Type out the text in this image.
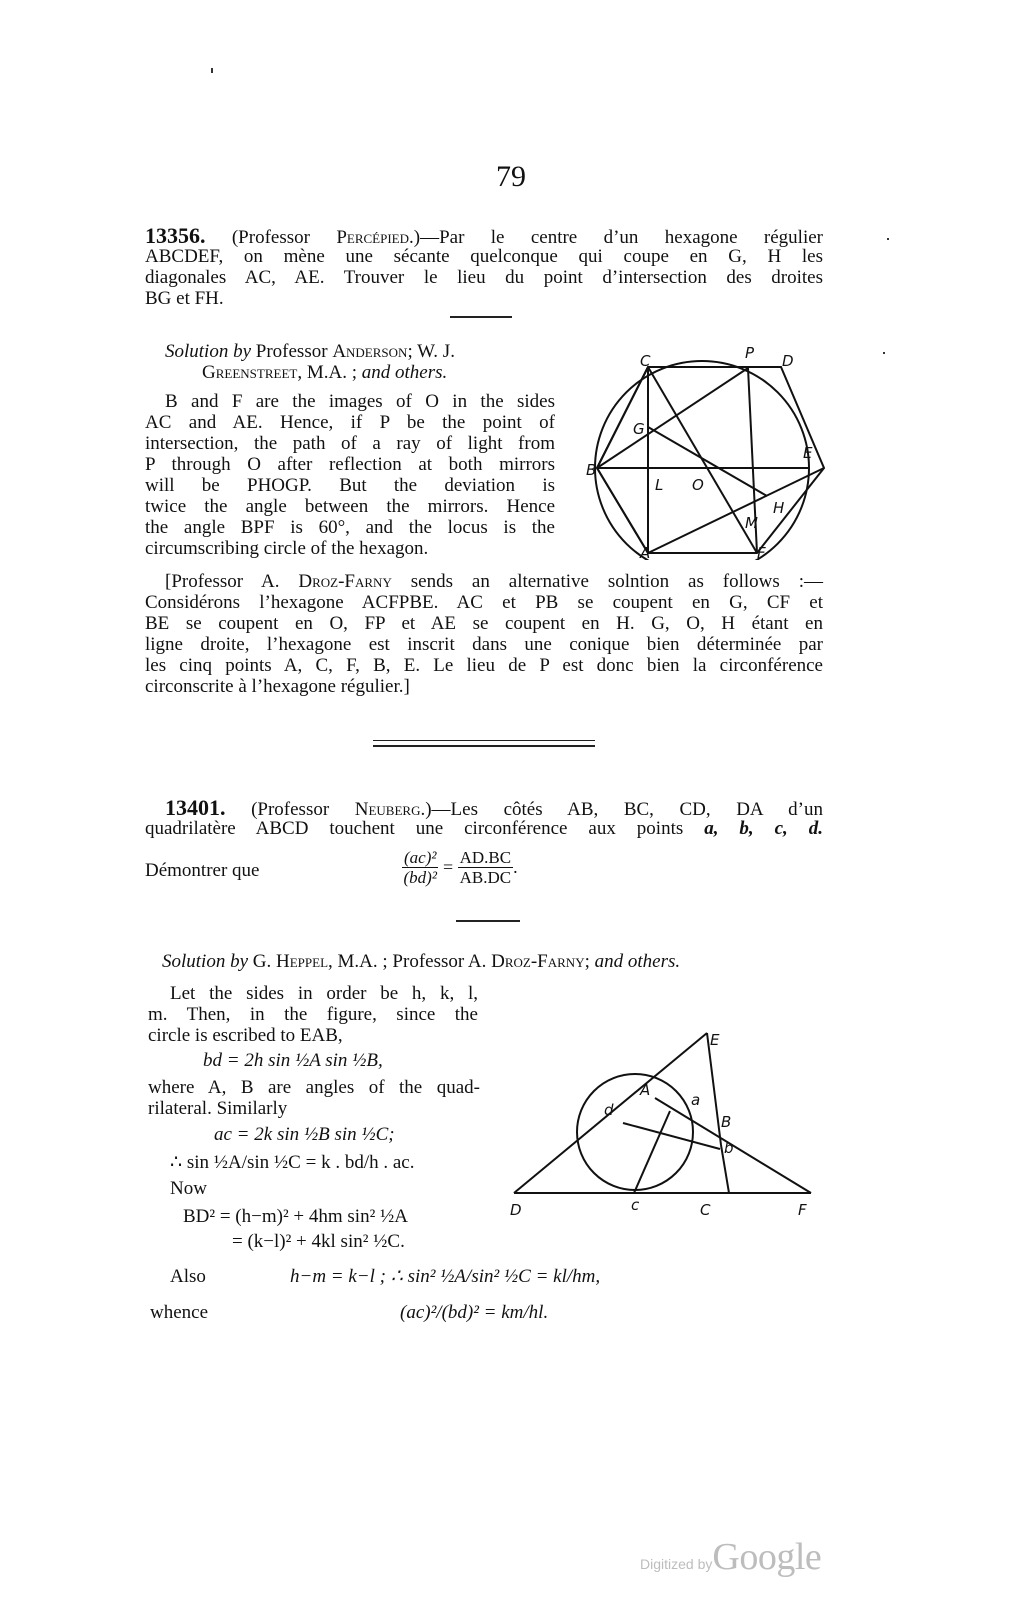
79
13356. (Professor Percépied.)—Par le centre d’un hexagone régulier
ABCDEF, on mène une sécante quelconque qui coupe en G, H les
diagonales AC, AE. Trouver le lieu du point d’intersection des droites
BG et FH.
Solution by Professor Anderson; W. J.
Greenstreet, M.A. ; and others.
B and F are the images of O in the sides
AC and AE. Hence, if P be the point of
intersection, the path of a ray of light from
P through O after reflection at both mirrors
will be PHOGP. But the deviation is
twice the angle between the mirrors. Hence
the angle BPF is 60°, and the locus is the
circumscribing circle of the hexagon.
P
C	D
G
B
L O
E
H
M
A	F
[Professor A. Droz-Farny sends an alternative solntion as follows :—
Considérons l’hexagone ACFPBE. AC et PB se coupent en G, CF et
BE se coupent en O, FP et AE se coupent en H. G, O, H étant en
ligne droite, l’hexagone est inscrit dans une conique bien déterminée par
les cinq points A, C, F, B, E. Le lieu de P est donc bien la circonférence
circonscrite à l’hexagone régulier.]
13401. (Professor Neuberg.)—Les côtés AB, BC, CD, DA d’un
quadrilatère ABCD touchent une circonférence aux points a, b, c, d.
Démontrer que	$\frac{\text{(ac)²}}{\text{(bd)²}} = \frac{AD.BC}{AB.DC}$ .
Solution by G. Heppel, M.A. ; Professor A. Droz-Farny; and others.
Let the sides in order be h, k, l,
m. Then, in the figure, since the
circle is escribed to EAB,
bd = 2h sin ½A sin ½B,
where A, B are angles of the quad-
rilateral. Similarly
ac = 2k sin ½B sin ½C;
∴ sin ½A/sin ½C = k . bd/h . ac.
Now
BD² = (h−m)² + 4hm sin² ½A
= (k−l)² + 4kl sin² ½C.
Also	h−m = k−l ; ∴ sin² ½A/sin² ½C = kl/hm,
whence	(ac)²/(bd)² = km/hl.
E
A
a
d
B
b
D	c	C	F
Digitized byGoogle
